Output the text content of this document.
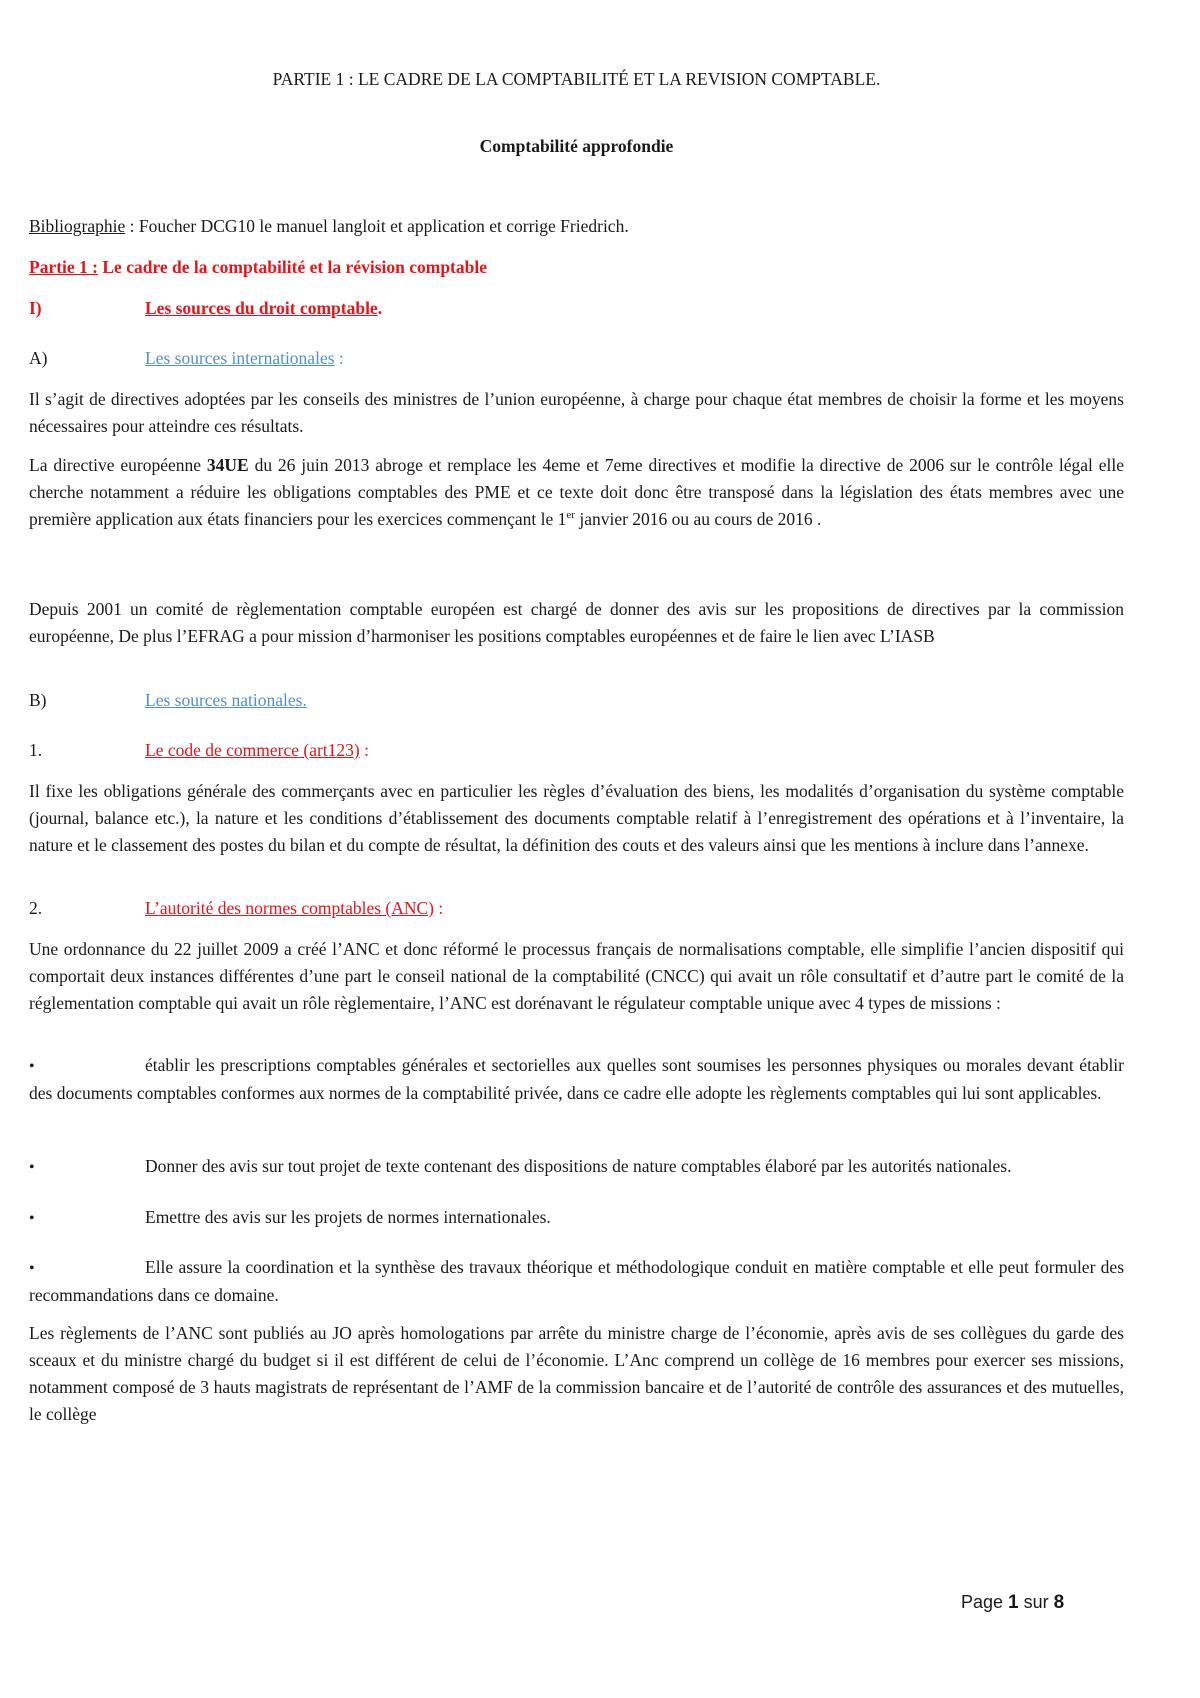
PARTIE 1 : LE CADRE DE LA COMPTABILITÉ ET LA REVISION COMPTABLE.

Comptabilité approfondie

Bibliographie : Foucher DCG10 le manuel langloit et application et corrige Friedrich.

Partie 1 : Le cadre de la comptabilité et la révision comptable

I)	Les sources du droit comptable.

A)	Les sources internationales :

Il s’agit de directives adoptées par les conseils des ministres de l’union européenne, à charge pour chaque état membres de choisir la forme et les moyens nécessaires pour atteindre ces résultats.

La directive européenne 34UE du 26 juin 2013 abroge et remplace les 4eme et 7eme directives et modifie la directive de 2006 sur le contrôle légal elle cherche notamment a réduire les obligations comptables des PME et ce texte doit donc être transposé dans la législation des états membres avec une première application aux états financiers pour les exercices commençant le 1er janvier 2016 ou au cours de 2016 .

Depuis 2001 un comité de règlementation comptable européen est chargé de donner des avis sur les propositions de directives par la commission européenne, De plus l’EFRAG a pour mission d’harmoniser les positions comptables européennes et de faire le lien avec L’IASB

B)	Les sources nationales.

1.	Le code de commerce (art123) :

Il fixe les obligations générale des commerçants avec en particulier les règles d’évaluation des biens, les modalités d’organisation du système comptable (journal, balance etc.), la nature et les conditions d’établissement des documents comptable relatif à l’enregistrement des opérations et à l’inventaire, la nature et le classement des postes du bilan et du compte de résultat, la définition des couts et des valeurs ainsi que les mentions à inclure dans l’annexe.

2.	L’autorité des normes comptables (ANC) :

Une ordonnance du 22 juillet 2009 a créé l’ANC et donc réformé le processus français de normalisations comptable, elle simplifie l’ancien dispositif qui comportait deux instances différentes d’une part le conseil national de la comptabilité (CNCC) qui avait un rôle consultatif et d’autre part le comité de la réglementation comptable qui avait un rôle règlementaire, l’ANC est dorénavant le régulateur comptable unique avec 4 types de missions :

•	établir les prescriptions comptables générales et sectorielles aux quelles sont soumises les personnes physiques ou morales devant établir des documents comptables conformes aux normes de la comptabilité privée, dans ce cadre elle adopte les règlements comptables qui lui sont applicables.

•	Donner des avis sur tout projet de texte contenant des dispositions de nature comptables élaboré par les autorités nationales.

•	Emettre des avis sur les projets de normes internationales.

•	Elle assure la coordination et la synthèse des travaux théorique et méthodologique conduit en matière comptable et elle peut formuler des recommandations dans ce domaine.

Les règlements de l’ANC sont publiés au JO après homologations par arrête du ministre charge de l’économie, après avis de ses collègues du garde des sceaux et du ministre chargé du budget si il est différent de celui de l’économie. L’Anc comprend un collège de 16 membres pour exercer ses missions, notamment composé de 3 hauts magistrats de représentant de l’AMF de la commission bancaire et de l’autorité de contrôle des assurances et des mutuelles, le collège

Page 1 sur 8
